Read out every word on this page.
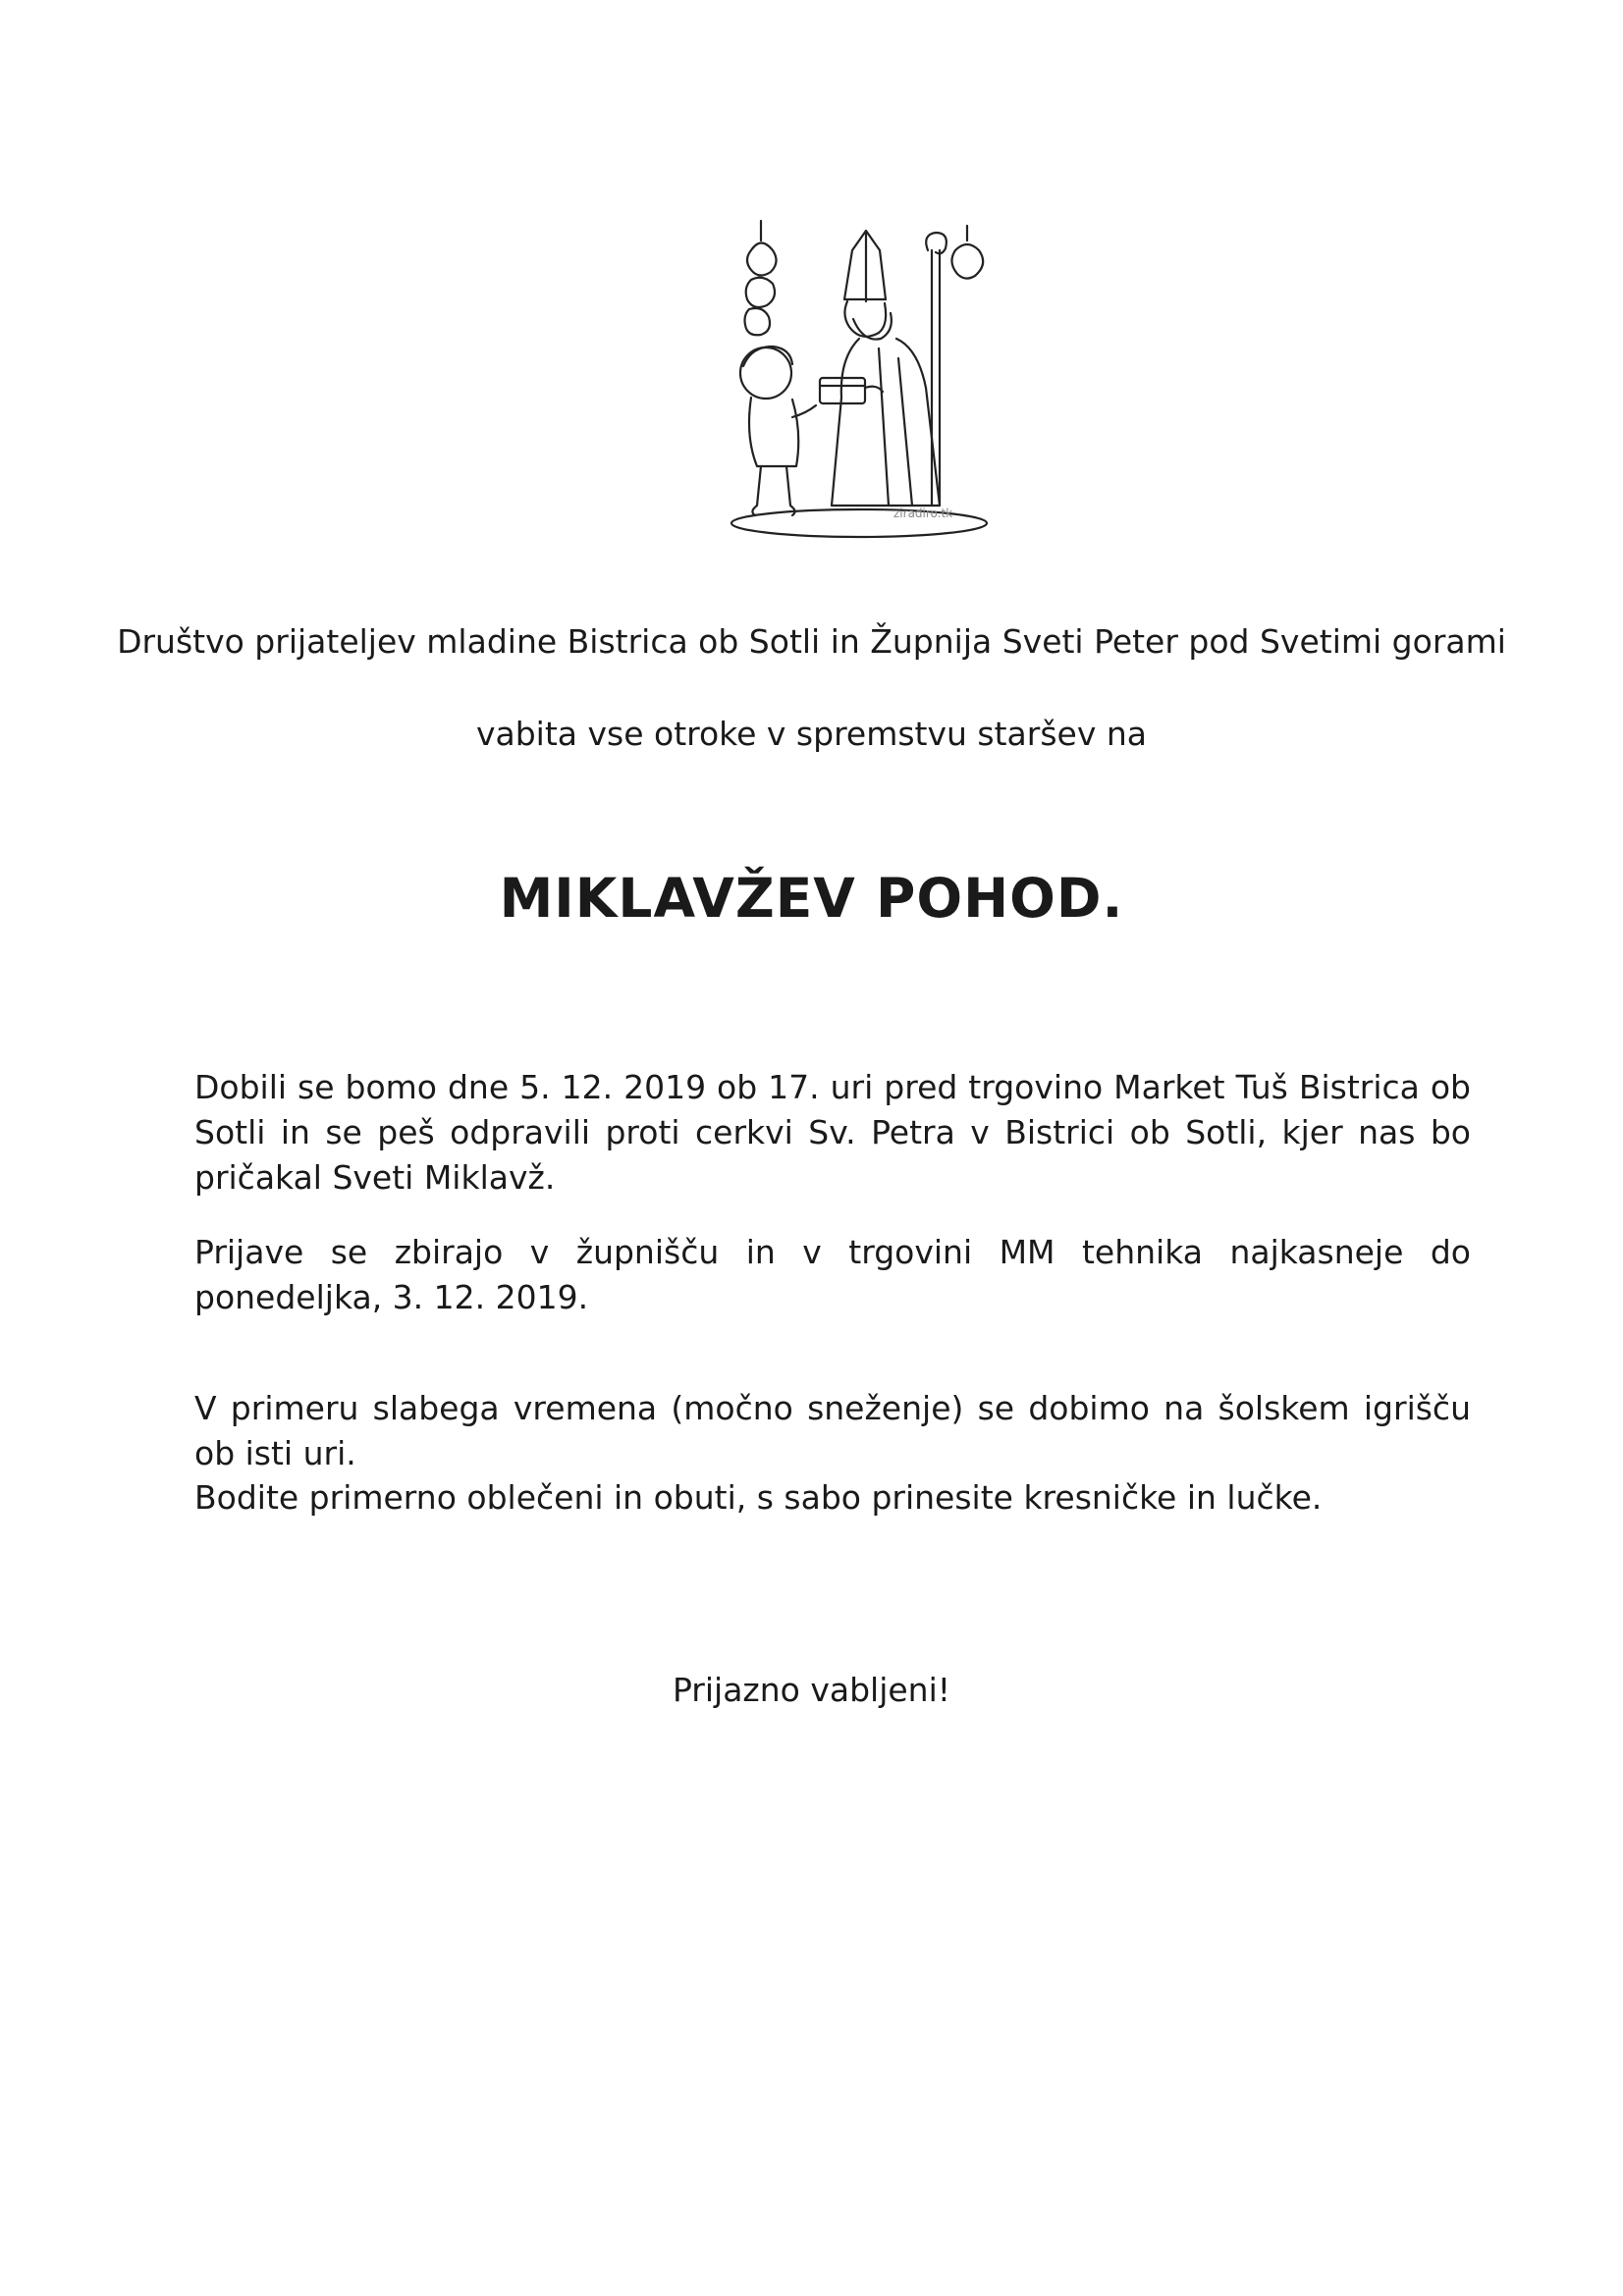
ziradiro.tk
Društvo prijateljev mladine Bistrica ob Sotli in Župnija Sveti Peter pod Svetimi gorami
vabita vse otroke v spremstvu staršev na
MIKLAVŽEV POHOD.
Dobili se bomo dne 5. 12. 2019 ob 17. uri pred trgovino Market Tuš Bistrica ob Sotli in se peš odpravili proti cerkvi Sv. Petra v Bistrici ob Sotli, kjer nas bo pričakal Sveti Miklavž.
Prijave se zbirajo v župnišču in v trgovini MM tehnika najkasneje do ponedeljka, 3. 12. 2019.
V primeru slabega vremena (močno sneženje) se dobimo na šolskem igrišču ob isti uri.
Bodite primerno oblečeni in obuti, s sabo prinesite kresničke in lučke.
Prijazno vabljeni!
